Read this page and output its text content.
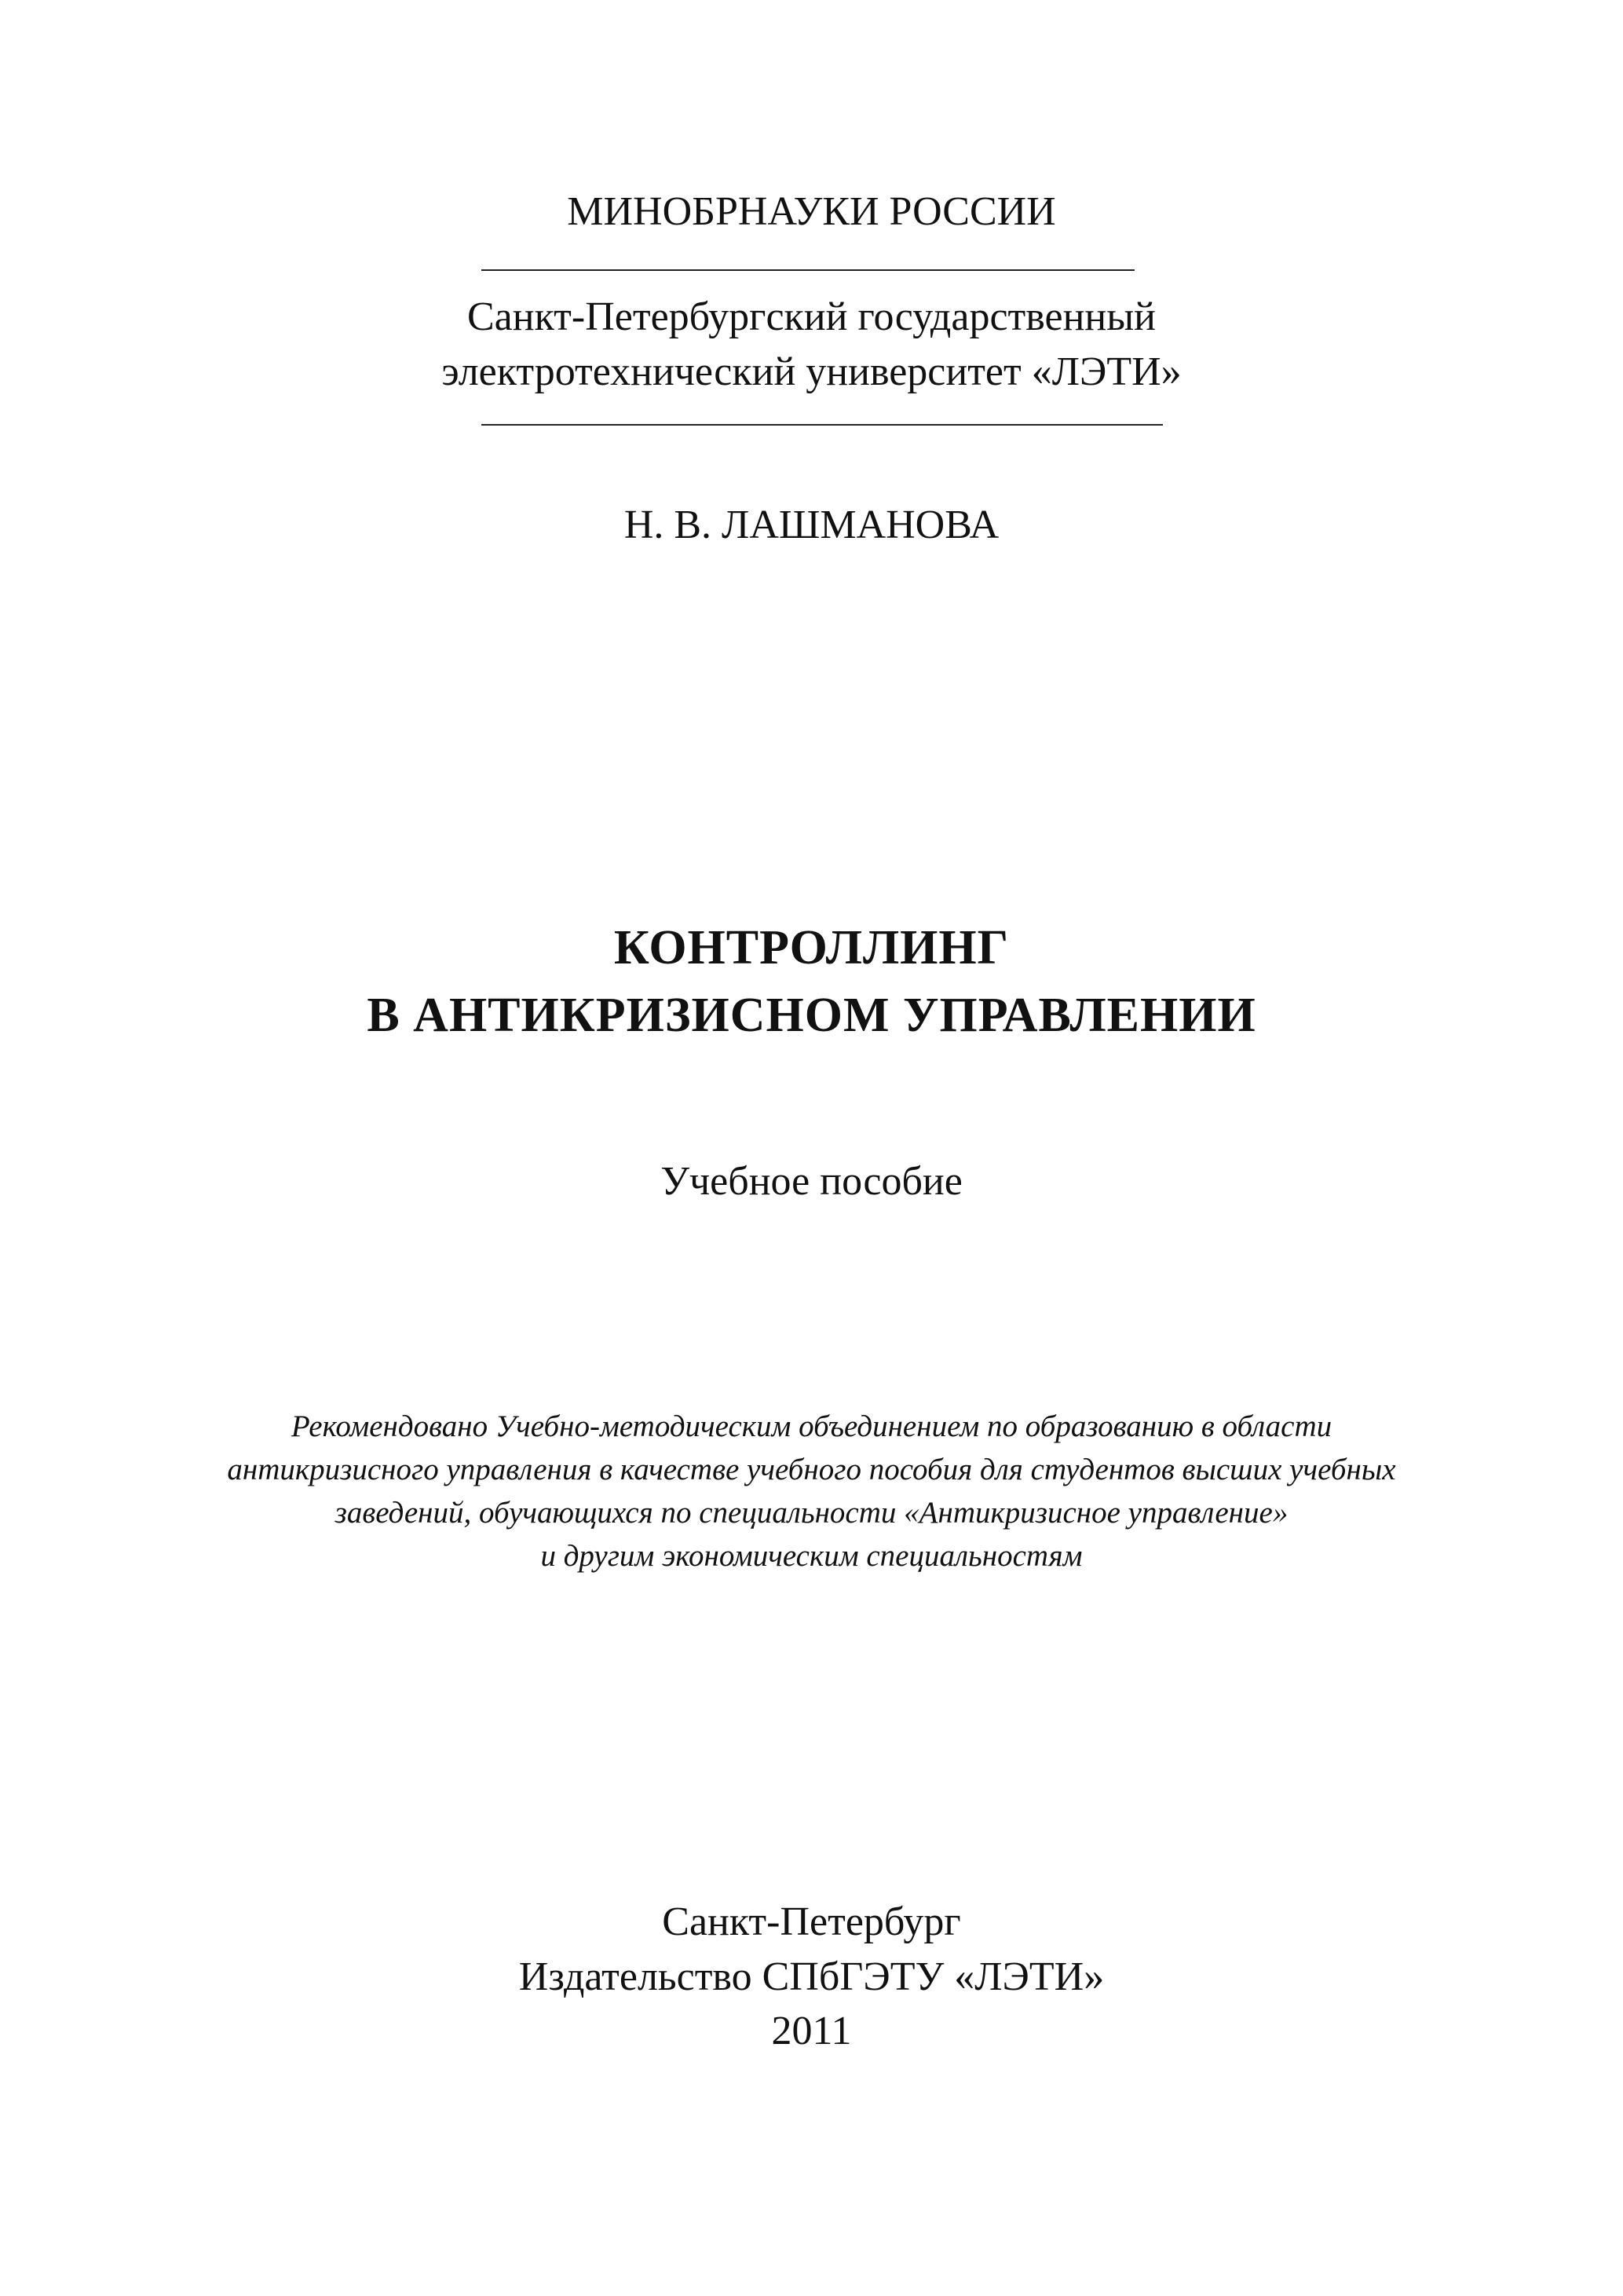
МИНОБРНАУКИ РОССИИ
Санкт-Петербургский государственный
электротехнический университет «ЛЭТИ»
Н. В. ЛАШМАНОВА
КОНТРОЛЛИНГ
В АНТИКРИЗИСНОМ УПРАВЛЕНИИ
Учебное пособие
Рекомендовано Учебно-методическим объединением по образованию в области
антикризисного управления в качестве учебного пособия для студентов высших учебных
заведений, обучающихся по специальности «Антикризисное управление»
и другим экономическим специальностям
Санкт-Петербург
Издательство СПбГЭТУ «ЛЭТИ»
2011
